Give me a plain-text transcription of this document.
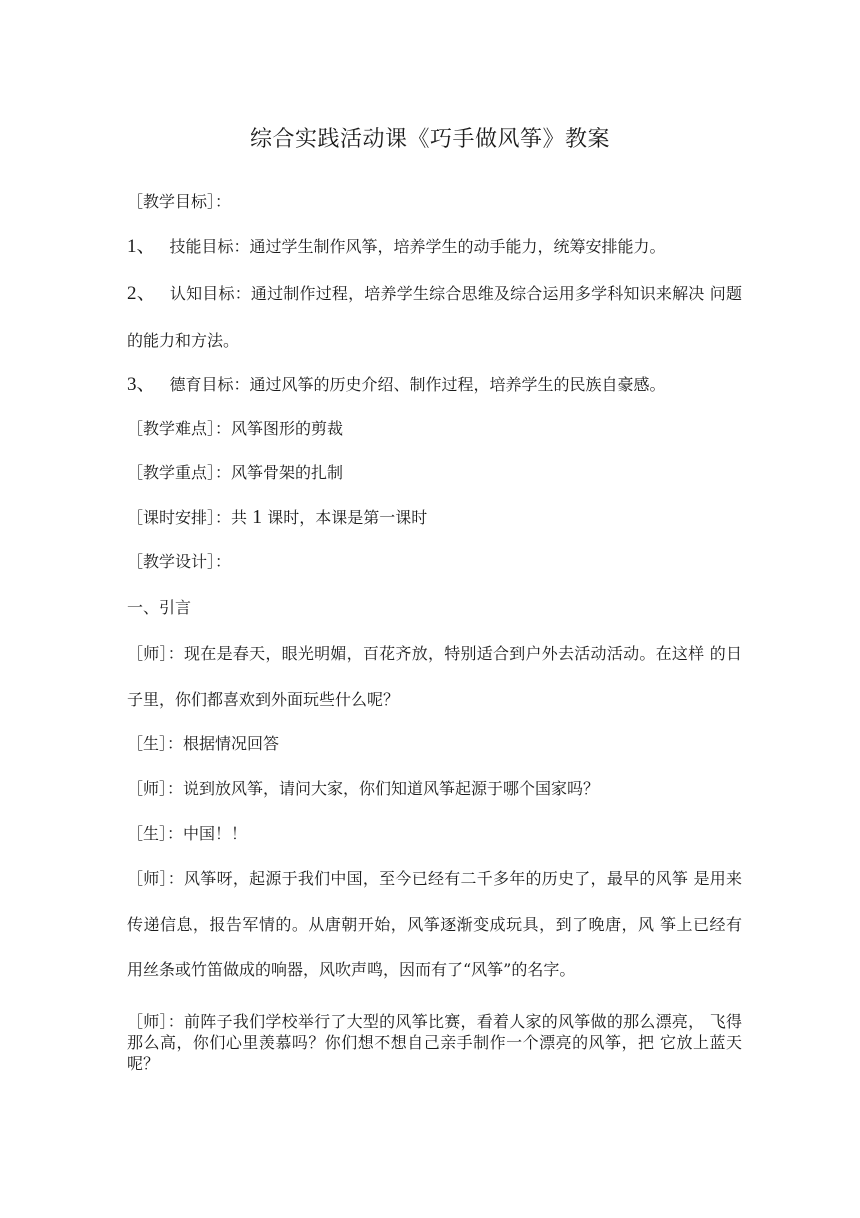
综合实践活动课《巧手做风筝》教案
［教学目标］：
1、 技能目标：通过学生制作风筝，培养学生的动手能力，统筹安排能力。
2、 认知目标：通过制作过程，培养学生综合思维及综合运用多学科知识来解决 问题
的能力和方法。
3、 德育目标：通过风筝的历史介绍、制作过程，培养学生的民族自豪感。
［教学难点］：风筝图形的剪裁
［教学重点］：风筝骨架的扎制
［课时安排］：共 1 课时，本课是第一课时
［教学设计］：
一、引言
［师］：现在是春天，眼光明媚，百花齐放，特别适合到户外去活动活动。在这样 的日
子里，你们都喜欢到外面玩些什么呢？
［生］：根据情况回答
［师］：说到放风筝，请问大家，你们知道风筝起源于哪个国家吗？
［生］：中国！！
［师］：风筝呀，起源于我们中国，至今已经有二千多年的历史了，最早的风筝 是用来
传递信息，报告军情的。从唐朝开始，风筝逐渐变成玩具，到了晚唐，风 筝上已经有
用丝条或竹笛做成的响器，风吹声鸣，因而有了“风筝”的名字。
［师］：前阵子我们学校举行了大型的风筝比赛，看着人家的风筝做的那么漂亮， 飞得那么高，你们心里羡慕吗？你们想不想自己亲手制作一个漂亮的风筝，把 它放上蓝天呢？
